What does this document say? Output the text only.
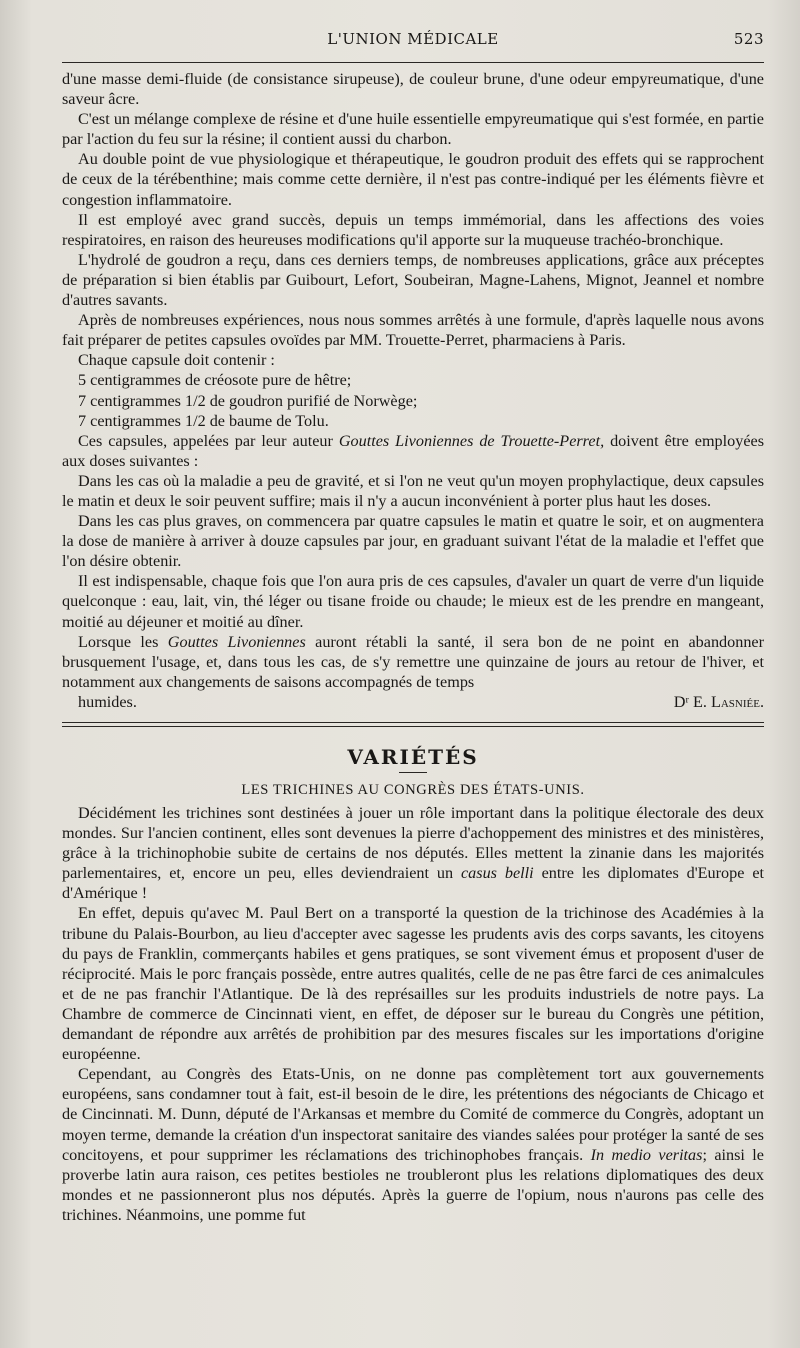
L'UNION MÉDICALE	523

d'une masse demi-fluide (de consistance sirupeuse), de couleur brune, d'une odeur empyreumatique, d'une saveur âcre.

C'est un mélange complexe de résine et d'une huile essentielle empyreumatique qui s'est formée, en partie par l'action du feu sur la résine; il contient aussi du charbon.

Au double point de vue physiologique et thérapeutique, le goudron produit des effets qui se rapprochent de ceux de la térébenthine; mais comme cette dernière, il n'est pas contre-indiqué per les éléments fièvre et congestion inflammatoire.

Il est employé avec grand succès, depuis un temps immémorial, dans les affections des voies respiratoires, en raison des heureuses modifications qu'il apporte sur la muqueuse trachéo-bronchique.

L'hydrolé de goudron a reçu, dans ces derniers temps, de nombreuses applications, grâce aux préceptes de préparation si bien établis par Guibourt, Lefort, Soubeiran, Magne-Lahens, Mignot, Jeannel et nombre d'autres savants.

Après de nombreuses expériences, nous nous sommes arrêtés à une formule, d'après laquelle nous avons fait préparer de petites capsules ovoïdes par MM. Trouette-Perret, pharmaciens à Paris.

Chaque capsule doit contenir :

5 centigrammes de créosote pure de hêtre;

7 centigrammes 1/2 de goudron purifié de Norwège;

7 centigrammes 1/2 de baume de Tolu.

Ces capsules, appelées par leur auteur Gouttes Livoniennes de Trouette-Perret, doivent être employées aux doses suivantes :

Dans les cas où la maladie a peu de gravité, et si l'on ne veut qu'un moyen prophylactique, deux capsules le matin et deux le soir peuvent suffire; mais il n'y a aucun inconvénient à porter plus haut les doses.

Dans les cas plus graves, on commencera par quatre capsules le matin et quatre le soir, et on augmentera la dose de manière à arriver à douze capsules par jour, en graduant suivant l'état de la maladie et l'effet que l'on désire obtenir.

Il est indispensable, chaque fois que l'on aura pris de ces capsules, d'avaler un quart de verre d'un liquide quelconque : eau, lait, vin, thé léger ou tisane froide ou chaude; le mieux est de les prendre en mangeant, moitié au déjeuner et moitié au dîner.

Lorsque les Gouttes Livoniennes auront rétabli la santé, il sera bon de ne point en abandonner brusquement l'usage, et, dans tous les cas, de s'y remettre une quinzaine de jours au retour de l'hiver, et notamment aux changements de saisons accompagnés de temps

humides.	Dʳ E. Lasniée.

VARIÉTÉS
LES TRICHINES AU CONGRÈS DES ÉTATS-UNIS.

Décidément les trichines sont destinées à jouer un rôle important dans la politique électorale des deux mondes. Sur l'ancien continent, elles sont devenues la pierre d'achoppement des ministres et des ministères, grâce à la trichinophobie subite de certains de nos députés. Elles mettent la zinanie dans les majorités parlementaires, et, encore un peu, elles deviendraient un casus belli entre les diplomates d'Europe et d'Amérique !

En effet, depuis qu'avec M. Paul Bert on a transporté la question de la trichinose des Académies à la tribune du Palais-Bourbon, au lieu d'accepter avec sagesse les prudents avis des corps savants, les citoyens du pays de Franklin, commerçants habiles et gens pratiques, se sont vivement émus et proposent d'user de réciprocité. Mais le porc français possède, entre autres qualités, celle de ne pas être farci de ces animalcules et de ne pas franchir l'Atlantique. De là des représailles sur les produits industriels de notre pays. La Chambre de commerce de Cincinnati vient, en effet, de déposer sur le bureau du Congrès une pétition, demandant de répondre aux arrêtés de prohibition par des mesures fiscales sur les importations d'origine européenne.

Cependant, au Congrès des Etats-Unis, on ne donne pas complètement tort aux gouvernements européens, sans condamner tout à fait, est-il besoin de le dire, les prétentions des négociants de Chicago et de Cincinnati. M. Dunn, député de l'Arkansas et membre du Comité de commerce du Congrès, adoptant un moyen terme, demande la création d'un inspectorat sanitaire des viandes salées pour protéger la santé de ses concitoyens, et pour supprimer les réclamations des trichinophobes français. In medio veritas; ainsi le proverbe latin aura raison, ces petites bestioles ne troubleront plus les relations diplomatiques des deux mondes et ne passionneront plus nos députés. Après la guerre de l'opium, nous n'aurons pas celle des trichines. Néanmoins, une pomme fut
